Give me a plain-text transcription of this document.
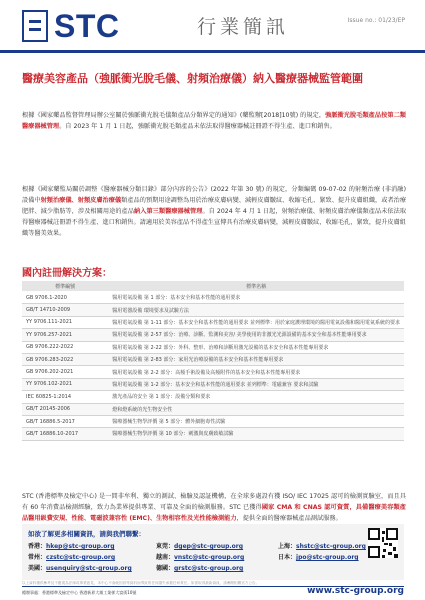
STC	行業簡訊	Issue no.: 01/23/EP
醫療美容產品（強脈衝光脫毛儀、射頻治療儀）納入醫療器械監管範圍
根據《國家藥品監督管理局辦公室關於強脈衝光脫毛儀類產品分類界定的通知》(藥監辦[2018]10號) 的規定，強脈衝光脫毛類產品按第二類醫療器械管理。自 2023 年 1 月 1 日起，強脈衝光脫毛類產品未依法取得醫療器械註冊證不得生產、進口和銷售。
根據《國家藥監局關於調整《醫療器械分類目錄》部分內容的公告》(2022 年第 30 號) 的規定，分類編碼 09-07-02 的射頻治療 (非消融) 設備中射頻治療儀、射頻皮膚治療儀類產品的預期用途調整為用於治療皮膚病變、減輕皮膚皺紋、收縮毛孔、緊致、提升皮膚組織，或者治療肥胖、減少脂肪等，涉及相關用途的產品納入第三類醫療器械管理。自 2024 年 4 月 1 日起，射頻治療儀、射頻皮膚治療儀類產品未依法取得醫療器械註冊證不得生產、進口和銷售。請適用於美容產品不得產生宣傳具有治療皮膚病變，減輕皮膚皺紋，收縮毛孔，緊致，提升皮膚組織等醫美效果。
國內註冊解決方案：
標準編號	標準名稱
GB 9706.1-2020	醫用電氣設備 第 1 部分：基本安全和基本性能的通用要求
GB/T 14710-2009	醫用電器設備 環境要求及試驗方法
YY 9706.111-2021	醫用電氣設備 第 1-11 部分：基本安全和基本性能的通用要求 並列標準：用於家庭護理環境的醫用電氣設備和醫用電氣系統的要求
YY 9706.257-2021	醫用電氣設備 第 2-57 部分：治療、診斷、監測和美容/ 美學使用的非激光光源設備的基本安全和基本性能專用要求
GB 9706.222-2022	醫用電氣設備 第 2-22 部分：外科、整形、治療和診斷用激光設備的基本安全和基本性能專用要求
GB 9706.283-2022	醫用電氣設備 第 2-83 部分：家用光治療設備的基本安全和基本性能專用要求
GB 9706.202-2021	醫用電氣設備 第 2-2 部分：高頻手術設備及高頻附件的基本安全和基本性能專用要求
YY 9706.102-2021	醫用電氣設備 第 1-2 部分：基本安全和基本性能的通用要求 並列標準：電磁兼容 要求和試驗
IEC 60825-1:2014	激光產品的安全 第 1 部分：設備分類和要求
GB/T 20145-2006	燈和燈系統的光生物安全性
GB/T 16886.5-2017	醫療器械生物學評價 第 5 部分：體外細胞毒性試驗
GB/T 16886.10-2017	醫療器械生物學評價 第 10 部分：刺激與皮膚致敏試驗
STC (香港標準及檢定中心) 是一間非牟利、獨立的測試、檢驗及認証機構，在全球多處設有獲 ISO/ IEC 17025 認可的檢測實驗室，而且具有 60 年消費品檢測經驗，致力為業界提供專業、可靠及全面的檢測服務。STC 已獲得國家 CMA 和 CNAS 認可資質，具備醫療美容類產品醫用級費安規、性能、電磁波兼容性 (EMC)、生物相容性及光性能檢測能力，提供全面的醫療器械產品測試服務。
如欲了解更多相關資訊，請與我們聯繫：
香港：hkep@stc-group.org	東莞：dgep@stc-group.org	上海：shstc@stc-group.org
常州：czstc@stc-group.org	越南：vnstc@stc-group.org	日本：jpo@stc-group.org
美國：usenquiry@stc-group.org	德國：grstc@stc-group.org
以上資料僅供參考及不應視為法律或專業意見，本中心不會就因該等資料而導致的任何損失承擔任何責任。如需取得最新資訊，請參閱相關官方公告。
總辦事處：香港標準及檢定中心 香港新界大埔工業邨大富街10號	www.stc-group.org
